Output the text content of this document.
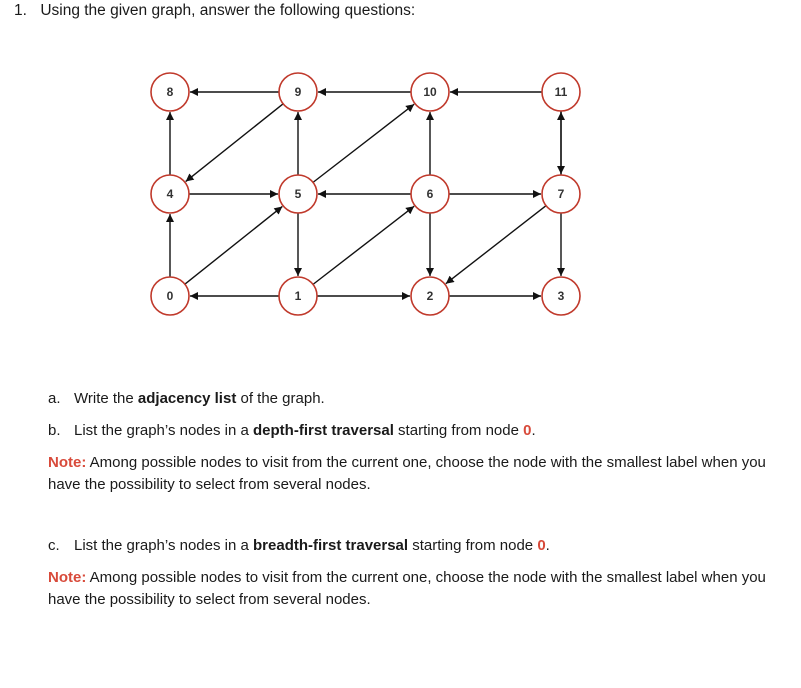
1. Using the given graph, answer the following questions:
0	1	2	3
4	5	6	7
8	9	10	11
a. Write the adjacency list of the graph.
b. List the graph’s nodes in a depth-first traversal starting from node 0.
Note: Among possible nodes to visit from the current one, choose the node with the smallest label when you have the possibility to select from several nodes.
c. List the graph’s nodes in a breadth-first traversal starting from node 0.
Note: Among possible nodes to visit from the current one, choose the node with the smallest label when you have the possibility to select from several nodes.
